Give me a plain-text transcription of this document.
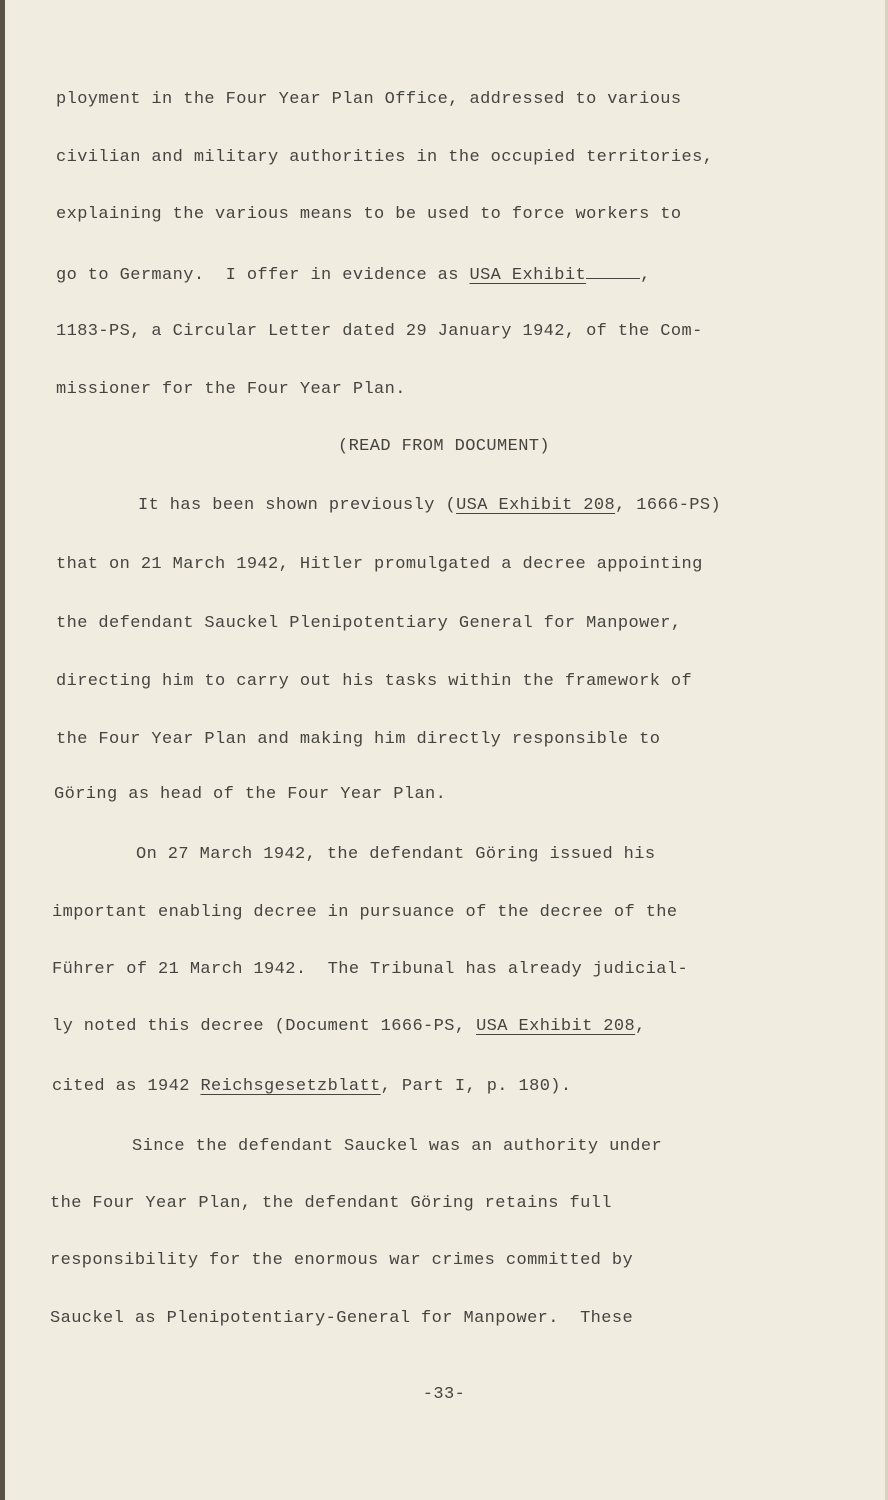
ployment in the Four Year Plan Office, addressed to various
civilian and military authorities in the occupied territories,
explaining the various means to be used to force workers to
go to Germany.  I offer in evidence as USA Exhibit	,
1183-PS, a Circular Letter dated 29 January 1942, of the Com-
missioner for the Four Year Plan.
(READ FROM DOCUMENT)
It has been shown previously (USA Exhibit 208, 1666-PS)
that on 21 March 1942, Hitler promulgated a decree appointing
the defendant Sauckel Plenipotentiary General for Manpower,
directing him to carry out his tasks within the framework of
the Four Year Plan and making him directly responsible to
Göring as head of the Four Year Plan.
On 27 March 1942, the defendant Göring issued his
important enabling decree in pursuance of the decree of the
Führer of 21 March 1942.  The Tribunal has already judicial-
ly noted this decree (Document 1666-PS, USA Exhibit 208,
cited as 1942 Reichsgesetzblatt, Part I, p. 180).
Since the defendant Sauckel was an authority under
the Four Year Plan, the defendant Göring retains full
responsibility for the enormous war crimes committed by
Sauckel as Plenipotentiary-General for Manpower.  These
-33-
